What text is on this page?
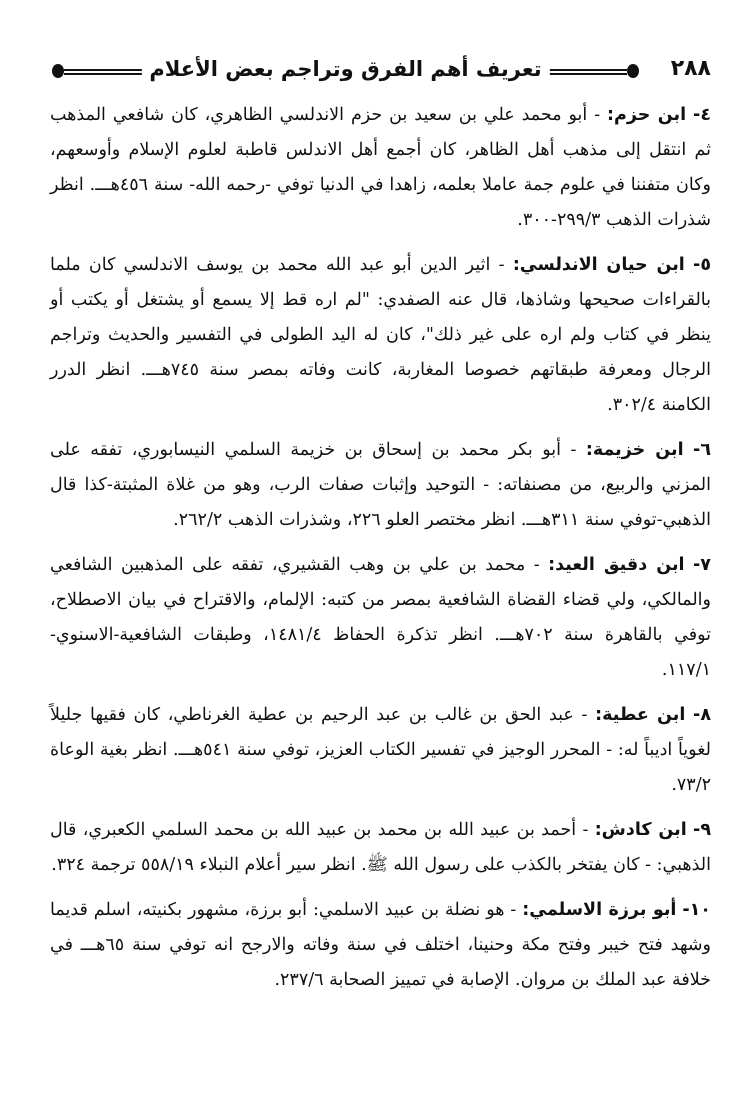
٢٨٨
تعريف أهم الفرق وتراجم بعض الأعلام

٤- ابن حزم: - أبو محمد علي بن سعيد بن حزم الاندلسي الظاهري، كان شافعي المذهب ثم انتقل إلى مذهب أهل الظاهر، كان أجمع أهل الاندلس قاطبة لعلوم الإسلام وأوسعهم، وكان متفننا في علوم جمة عاملا بعلمه، زاهدا في الدنيا توفي -رحمه الله- سنة ٤٥٦هـــ. انظر شذرات الذهب ٢٩٩/٣-٣٠٠.

٥- ابن حيان الاندلسي: - اثير الدين أبو عبد الله محمد بن يوسف الاندلسي كان ملما بالقراءات صحيحها وشاذها، قال عنه الصفدي: "لم اره قط إلا يسمع أو يشتغل أو يكتب أو ينظر في كتاب ولم اره على غير ذلك"، كان له اليد الطولى في التفسير والحديث وتراجم الرجال ومعرفة طبقاتهم خصوصا المغاربة، كانت وفاته بمصر سنة ٧٤٥هـــ. انظر الدرر الكامنة ٣٠٢/٤.

٦- ابن خزيمة: - أبو بكر محمد بن إسحاق بن خزيمة السلمي النيسابوري، تفقه على المزني والربيع، من مصنفاته: - التوحيد وإثبات صفات الرب، وهو من غلاة المثبتة-كذا قال الذهبي-توفي سنة ٣١١هـــ. انظر مختصر العلو ٢٢٦، وشذرات الذهب ٢٦٢/٢.

٧- ابن دقيق العيد: - محمد بن علي بن وهب القشيري، تفقه على المذهبين الشافعي والمالكي، ولي قضاء القضاة الشافعية بمصر من كتبه: الإلمام، والاقتراح في بيان الاصطلاح، توفي بالقاهرة سنة ٧٠٢هـــ. انظر تذكرة الحفاظ ١٤٨١/٤، وطبقات الشافعية-الاسنوي- ١١٧/١.

٨- ابن عطية: - عبد الحق بن غالب بن عبد الرحيم بن عطية الغرناطي، كان فقيها جليلاً لغوياً اديباً له: - المحرر الوجيز في تفسير الكتاب العزيز، توفي سنة ٥٤١هـــ. انظر بغية الوعاة ٧٣/٢.

٩- ابن كادش: - أحمد بن عبيد الله بن محمد بن عبيد الله بن محمد السلمي الكعبري، قال الذهبي: - كان يفتخر بالكذب على رسول الله ﷺ. انظر سير أعلام النبلاء ٥٥٨/١٩ ترجمة ٣٢٤.

١٠- أبو برزة الاسلمي: - هو نضلة بن عبيد الاسلمي: أبو برزة، مشهور بكنيته، اسلم قديما وشهد فتح خيبر وفتح مكة وحنينا، اختلف في سنة وفاته والارجح انه توفي سنة ٦٥هـــ في خلافة عبد الملك بن مروان. الإصابة في تمييز الصحابة ٢٣٧/٦.
